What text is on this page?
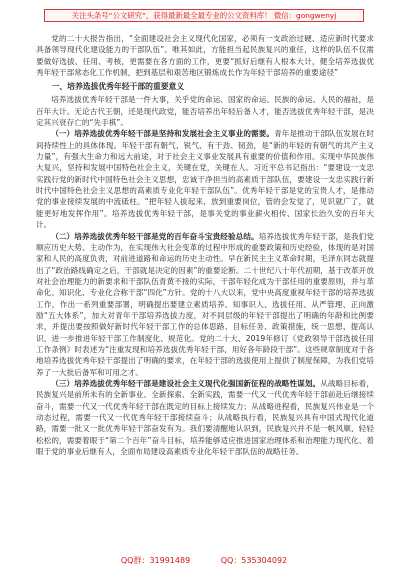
关注头条号“公文研究”，获得最新最全最专业的公文资料库！ 微信：gongwenyj

党的二十大报告指出，“全面建设社会主义现代化国家，必须有一支政治过硬、适应新时代要求具备领导现代化建设能力的干部队伍”。唯其如此，方能担当起民族复兴的重任，这样的队伍不仅需要做好选拔、任用、考核，更需要在各方面的工作，更要“抓好后继有人根本大计，健全培养选拔优秀年轻干部常态化工作机制，把到基层和艰苦地区锻炼成长作为年轻干部培养的重要途径”

一、培养选拔优秀年轻干部的重要意义

培养选拔优秀年轻干部是一件大事，关乎党的命运、国家的命运、民族的命运、人民的福祉，是百年大计。无论古代王朝，还是现代政党，能否培养出年轻后备人才，能否选拔优秀年轻干部，是决定其兴衰存亡的“先手棋”。

（一）培养选拔优秀年轻干部是坚持和发展社会主义事业的需要。青年是推动干部队伍发展在时间持续性上的具体体现。年轻干部有朝气、锐气、有干劲、韧劲，是“新的年轻的有朝气的共产主义力量”，有强大生命力和远大前途，对于社会主义事业发展具有重要的价值和作用。实现中华民族伟大复兴，坚持和发展中国特色社会主义，关键在党，关键在人。习近平总书记指出：“要建设一支忠实践行党的新时代中国特色社会主义思想，忠诚干净担当的高素质干部队伍，要建设一支忠实践行新时代中国特色社会主义思想的高素质专业化年轻干部队伍”。优秀年轻干部是党的宝贵人才，是推动党的事业接续发展的中流砥柱。“把年轻人拔起来，放到重要岗位，管的会发觉了，见识就广了，就能更好地发挥作用”。培养选拔优秀年轻干部，是事关党的事业薪火相传、国家长治久安的百年大计。

（二）培养选拔优秀年轻干部是党的百年奋斗宝贵经验总结。培养选拔优秀年轻干部，是我们党顺应历史大势、主动作为，在实现伟大社会变革的过程中形成的重要政策和历史经验，体现的是对国家和人民的高度负责，对前进道路和命运的历史主动性。早在新民主主义革命时期，毛泽东同志就提出了“政治路线确定之后，干部就是决定的因素”的重要论断。二十世纪八十年代初期，基于改革开放对社会治理能力的新要求和干部队伍青黄不接的实际，干部年轻化成为干部任用的重要原则，并与革命化、知识化、专业化合称干部“四化”方针。党的十八大以来，党中央高度重视年轻干部的培养选拔工作，作出一系列重要部署，明确提出要建立素质培养、知事识人、选拔任用、从严管理、正向激励“五大体系”，加大对青年干部培养选拔力度，对不同层级的年轻干部提出了明确的年龄和比例要求，并提出要按照做好新时代年轻干部工作的总体思路、目标任务、政策措施，统一思想、提高认识，进一步推进年轻干部工作制度化、规范化。党的二十大、2019年修订《党政领导干部选拔任用工作条例》时表述为“注重发现和培养选拔优秀年轻干部，用好各年龄段干部”。这些规章制度对于各地培养选拔优秀年轻干部提出了明确的要求，在年轻干部的选拔使用上提供了制度保障，为我们党培养了一大批后备军和可用之才。

（三）培养选拔优秀年轻干部是建设社会主义现代化强国新征程的战略性谋划。从战略目标看，民族复兴是前所未有的全新事业、全新探索、全新实践，需要一代又一代优秀年轻干部前赴后继接续奋斗，需要一代又一代优秀年轻干部在既定的目标上接续发力；从战略进程看，民族复兴伟业是一个动态过程，需要一代又一代优秀年轻干部接续奋斗；从战略执行看，民族复兴具有中国式现代化道路，需要一批又一批优秀年轻干部奋发有为。我们要清醒地认识到，民族复兴并不是一帆风顺、轻轻松松的，需要着眼于“第二个百年”奋斗目标，培养能够适应推进国家治理体系和治理能力现代化、着眼于党的事业后继有人，全面布局建设高素质专业化年轻干部队伍的战略任务。

QQ群：31991489	QQ：535304092
